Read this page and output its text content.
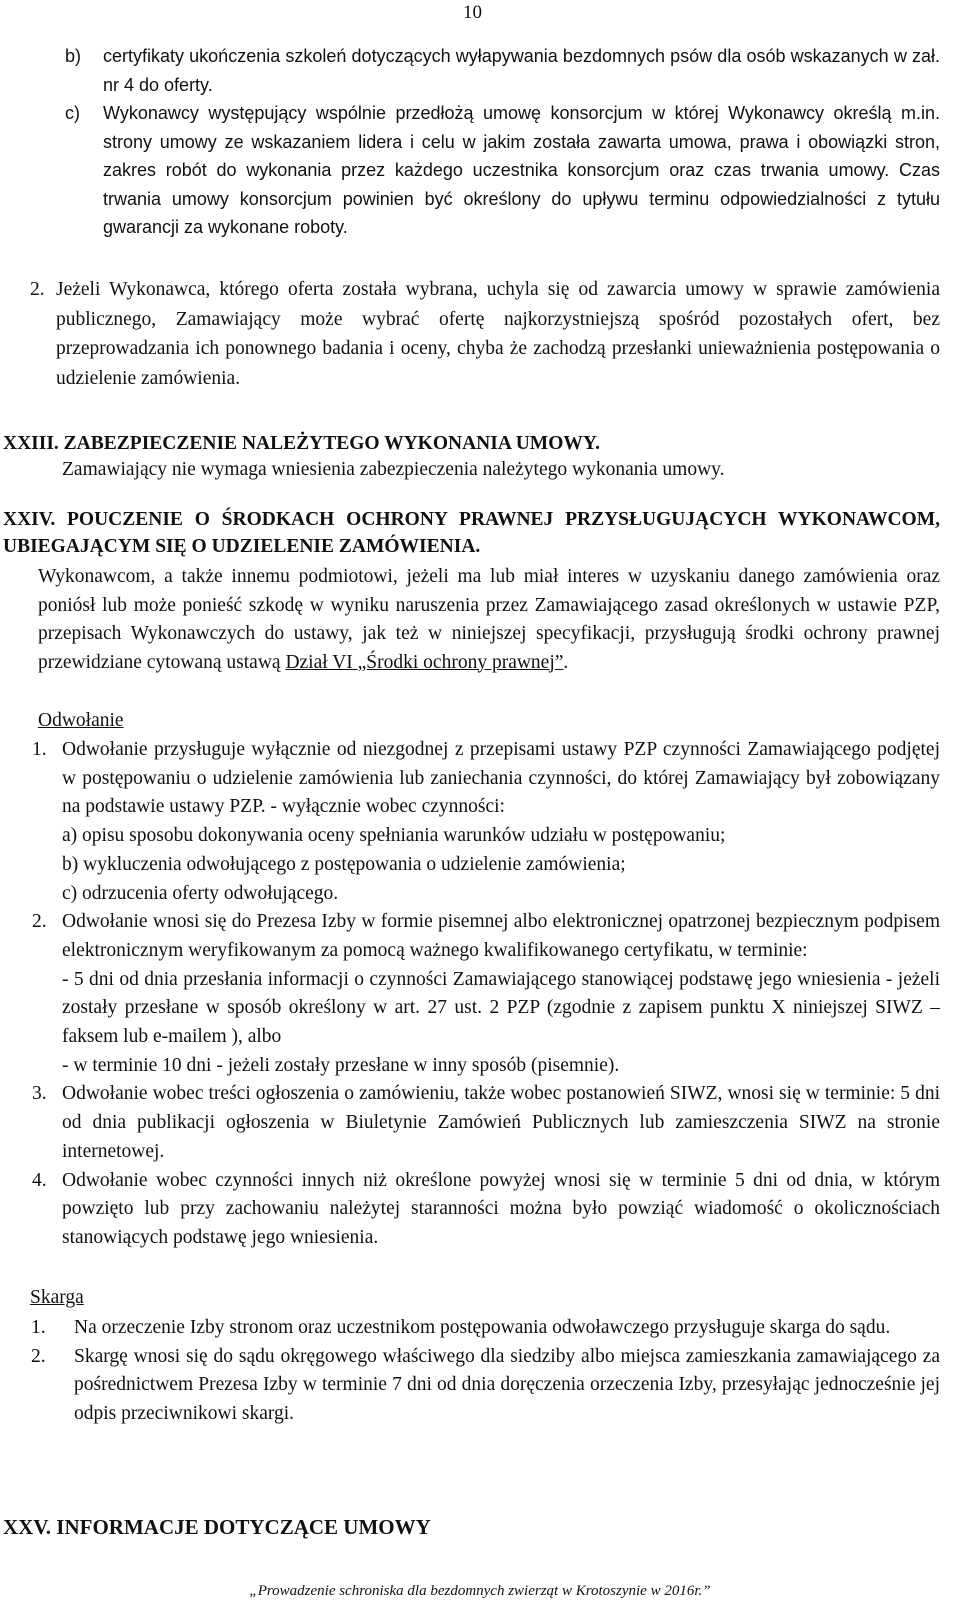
10
b) certyfikaty ukończenia szkoleń dotyczących wyłapywania bezdomnych psów dla osób wskazanych w zał. nr 4 do oferty.
c) Wykonawcy występujący wspólnie przedłożą umowę konsorcjum w której Wykonawcy określą m.in. strony umowy ze wskazaniem lidera i celu w jakim została zawarta umowa, prawa i obowiązki stron, zakres robót do wykonania przez każdego uczestnika konsorcjum oraz czas trwania umowy. Czas trwania umowy konsorcjum powinien być określony do upływu terminu odpowiedzialności z tytułu gwarancji za wykonane roboty.
2. Jeżeli Wykonawca, którego oferta została wybrana, uchyla się od zawarcia umowy w sprawie zamówienia publicznego, Zamawiający może wybrać ofertę najkorzystniejszą spośród pozostałych ofert, bez przeprowadzania ich ponownego badania i oceny, chyba że zachodzą przesłanki unieważnienia postępowania o udzielenie zamówienia.
XXIII. ZABEZPIECZENIE NALEŻYTEGO WYKONANIA UMOWY.
Zamawiający nie wymaga wniesienia zabezpieczenia należytego wykonania umowy.
XXIV. POUCZENIE O ŚRODKACH OCHRONY PRAWNEJ PRZYSŁUGUJĄCYCH WYKONAWCOM, UBIEGAJĄCYM SIĘ O UDZIELENIE ZAMÓWIENIA.
Wykonawcom, a także innemu podmiotowi, jeżeli ma lub miał interes w uzyskaniu danego zamówienia oraz poniósł lub może ponieść szkodę w wyniku naruszenia przez Zamawiającego zasad określonych w ustawie PZP, przepisach Wykonawczych do ustawy, jak też w niniejszej specyfikacji, przysługują środki ochrony prawnej przewidziane cytowaną ustawą Dział VI „Środki ochrony prawnej”.
Odwołanie
1. Odwołanie przysługuje wyłącznie od niezgodnej z przepisami ustawy PZP czynności Zamawiającego podjętej w postępowaniu o udzielenie zamówienia lub zaniechania czynności, do której Zamawiający był zobowiązany na podstawie ustawy PZP. - wyłącznie wobec czynności:
a) opisu sposobu dokonywania oceny spełniania warunków udziału w postępowaniu;
b) wykluczenia odwołującego z postępowania o udzielenie zamówienia;
c) odrzucenia oferty odwołującego.
2. Odwołanie wnosi się do Prezesa Izby w formie pisemnej albo elektronicznej opatrzonej bezpiecznym podpisem elektronicznym weryfikowanym za pomocą ważnego kwalifikowanego certyfikatu, w terminie:
- 5 dni od dnia przesłania informacji o czynności Zamawiającego stanowiącej podstawę jego wniesienia - jeżeli zostały przesłane w sposób określony w art. 27 ust. 2 PZP (zgodnie z zapisem punktu X niniejszej SIWZ – faksem lub e-mailem ), albo
- w terminie 10 dni - jeżeli zostały przesłane w inny sposób (pisemnie).
3. Odwołanie wobec treści ogłoszenia o zamówieniu, także wobec postanowień SIWZ, wnosi się w terminie: 5 dni od dnia publikacji ogłoszenia w Biuletynie Zamówień Publicznych lub zamieszczenia SIWZ na stronie internetowej.
4. Odwołanie wobec czynności innych niż określone powyżej wnosi się w terminie 5 dni od dnia, w którym powzięto lub przy zachowaniu należytej staranności można było powziąć wiadomość o okolicznościach stanowiących podstawę jego wniesienia.
Skarga
1. Na orzeczenie Izby stronom oraz uczestnikom postępowania odwoławczego przysługuje skarga do sądu.
2. Skargę wnosi się do sądu okręgowego właściwego dla siedziby albo miejsca zamieszkania zamawiającego za pośrednictwem Prezesa Izby w terminie 7 dni od dnia doręczenia orzeczenia Izby, przesyłając jednocześnie jej odpis przeciwnikowi skargi.
XXV. INFORMACJE DOTYCZĄCE UMOWY
„Prowadzenie schroniska dla bezdomnych zwierząt w Krotoszynie w 2016r.”
